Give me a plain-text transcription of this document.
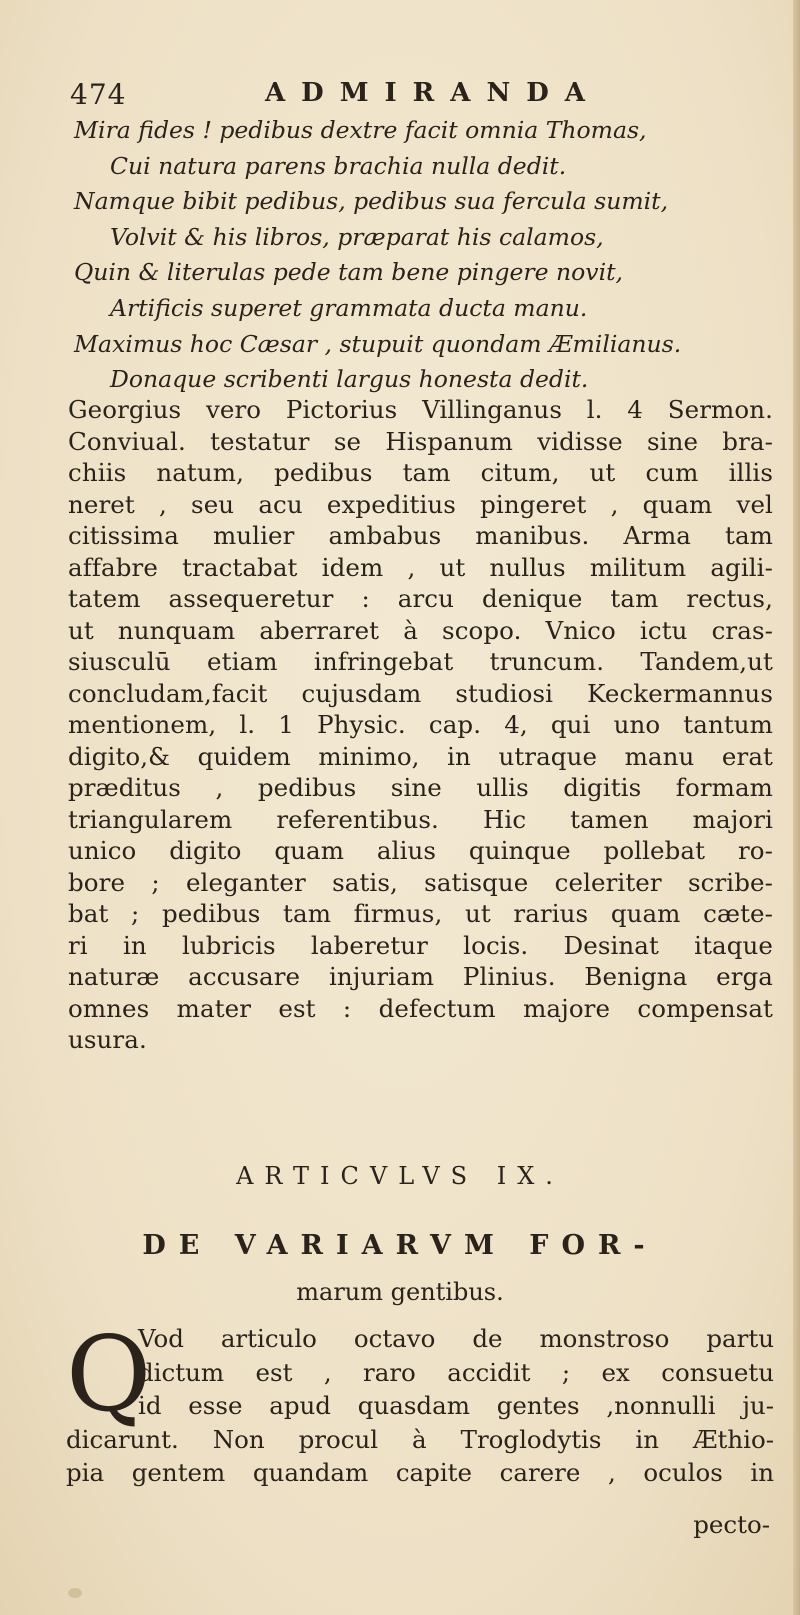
474	ADMIRANDA
Mira fides ! pedibus dextre facit omnia Thomas,
Cui natura parens brachia nulla dedit.
Namque bibit pedibus, pedibus sua fercula sumit,
Volvit & his libros, præparat his calamos,
Quin & literulas pede tam bene pingere novit,
Artificis superet grammata ducta manu.
Maximus hoc Cæsar , stupuit quondam Æmilianus.
Donaque scribenti largus honesta dedit.
Georgius vero Pictorius Villinganus l. 4 Sermon.
Conviual. testatur se Hispanum vidisse sine bra-
chiis natum, pedibus tam citum, ut cum illis
neret , seu acu expeditius pingeret , quam vel
citissima mulier ambabus manibus. Arma tam
affabre tractabat idem , ut nullus militum agili-
tatem assequeretur : arcu denique tam rectus,
ut nunquam aberraret à scopo. Vnico ictu cras-
siusculū etiam infringebat truncum. Tandem,ut
concludam,facit cujusdam studiosi Keckermannus
mentionem, l. 1 Physic. cap. 4, qui uno tantum
digito,& quidem minimo, in utraque manu erat
præditus , pedibus sine ullis digitis formam
triangularem referentibus. Hic tamen majori
unico digito quam alius quinque pollebat ro-
bore ; eleganter satis, satisque celeriter scribe-
bat ; pedibus tam firmus, ut rarius quam cæte-
ri in lubricis laberetur locis. Desinat itaque
naturæ accusare injuriam Plinius. Benigna erga
omnes mater est : defectum majore compensat
usura.
ARTICVLVS IX.
DE VARIARVM FOR-
marum gentibus.
Q
Vod articulo octavo de monstroso partu
dictum est , raro accidit ; ex consuetu
id esse apud quasdam gentes ,nonnulli ju-
dicarunt. Non procul à Troglodytis in Æthio-
pia gentem quandam capite carere , oculos in
pecto-
